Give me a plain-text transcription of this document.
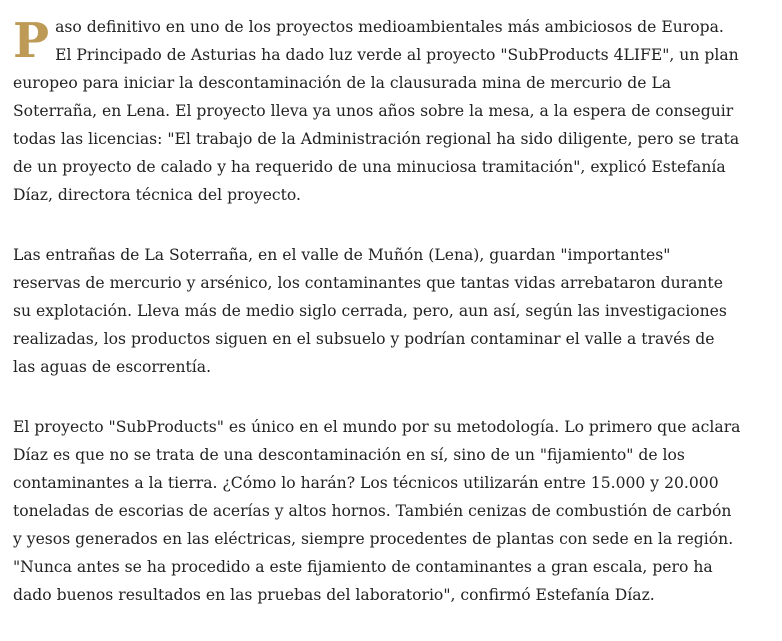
Paso definitivo en uno de los proyectos medioambientales más ambiciosos de Europa. El Principado de Asturias ha dado luz verde al proyecto "SubProducts 4LIFE", un plan europeo para iniciar la descontaminación de la clausurada mina de mercurio de La Soterraña, en Lena. El proyecto lleva ya unos años sobre la mesa, a la espera de conseguir todas las licencias: "El trabajo de la Administración regional ha sido diligente, pero se trata de un proyecto de calado y ha requerido de una minuciosa tramitación", explicó Estefanía Díaz, directora técnica del proyecto.

Las entrañas de La Soterraña, en el valle de Muñón (Lena), guardan "importantes" reservas de mercurio y arsénico, los contaminantes que tantas vidas arrebataron durante su explotación. Lleva más de medio siglo cerrada, pero, aun así, según las investigaciones realizadas, los productos siguen en el subsuelo y podrían contaminar el valle a través de las aguas de escorrentía.

El proyecto "SubProducts" es único en el mundo por su metodología. Lo primero que aclara Díaz es que no se trata de una descontaminación en sí, sino de un "fijamiento" de los contaminantes a la tierra. ¿Cómo lo harán? Los técnicos utilizarán entre 15.000 y 20.000 toneladas de escorias de acerías y altos hornos. También cenizas de combustión de carbón y yesos generados en las eléctricas, siempre procedentes de plantas con sede en la región. "Nunca antes se ha procedido a este fijamiento de contaminantes a gran escala, pero ha dado buenos resultados en las pruebas del laboratorio", confirmó Estefanía Díaz.
